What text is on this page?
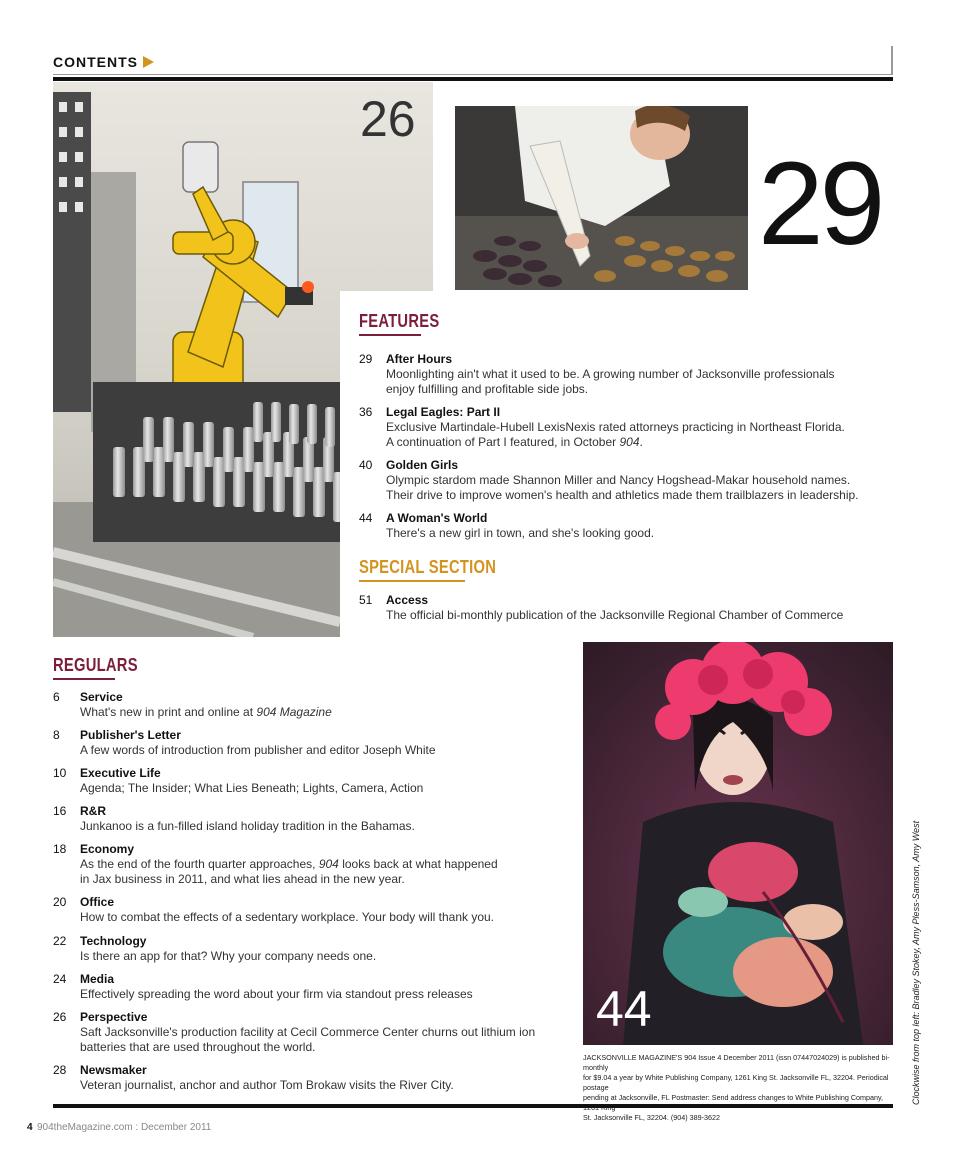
CONTENTS
26
29
FEATURES
29	After Hours
Moonlighting ain't what it used to be. A growing number of Jacksonville professionals
enjoy fulfilling and profitable side jobs.
36	Legal Eagles: Part II
Exclusive Martindale-Hubell LexisNexis rated attorneys practicing in Northeast Florida.
A continuation of Part I featured, in October 904.
40	Golden Girls
Olympic stardom made Shannon Miller and Nancy Hogshead-Makar household names.
Their drive to improve women's health and athletics made them trailblazers in leadership.
44	A Woman's World
There's a new girl in town, and she's looking good.
SPECIAL SECTION
51	Access
The official bi-monthly publication of the Jacksonville Regional Chamber of Commerce
REGULARS
6	Service
What's new in print and online at 904 Magazine
8	Publisher's Letter
A few words of introduction from publisher and editor Joseph White
10	Executive Life
Agenda; The Insider; What Lies Beneath; Lights, Camera, Action
16	R&R
Junkanoo is a fun-filled island holiday tradition in the Bahamas.
18	Economy
As the end of the fourth quarter approaches, 904 looks back at what happened
in Jax business in 2011, and what lies ahead in the new year.
20	Office
How to combat the effects of a sedentary workplace. Your body will thank you.
22	Technology
Is there an app for that? Why your company needs one.
24	Media
Effectively spreading the word about your firm via standout press releases
26	Perspective
Saft Jacksonville's production facility at Cecil Commerce Center churns out lithium ion
batteries that are used throughout the world.
28	Newsmaker
Veteran journalist, anchor and author Tom Brokaw visits the River City.
44
JACKSONVILLE MAGAZINE'S 904 Issue 4 December 2011 (issn 07447024029) is published bi-monthly
for $9.04 a year by White Publishing Company, 1261 King St. Jacksonville FL, 32204. Periodical postage
pending at Jacksonville, FL Postmaster: Send address changes to White Publishing Company,
St. Jacksonville FL, 32204. (904) 389-3622
Clockwise from top left: Bradley Stokey, Amy Pless-Samson, Amy West
4 904theMagazine.com : December 2011
